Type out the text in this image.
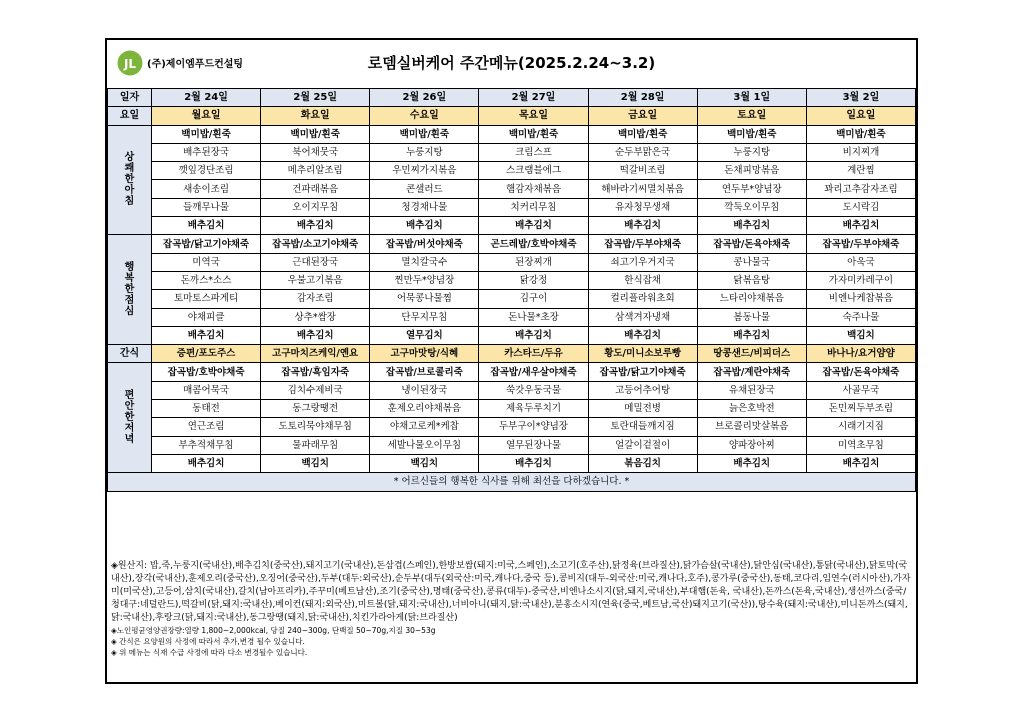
JL (주)제이엠푸드컨설팅	로뎀실버케어 주간메뉴(2025.2.24~3.2)
일자	2월 24일	2월 25일	2월 26일	2월 27일	2월 28일	3월 1일	3월 2일
요일	월요일	화요일	수요일	목요일	금요일	토요일	일요일

상
쾌
한
아
침	백미밥/흰죽	백미밥/흰죽	백미밥/흰죽	백미밥/흰죽	백미밥/흰죽	백미밥/흰죽	백미밥/흰죽
	배추된장국	북어채뭇국	누룽지탕	크림스프	순두부맑은국	누룽지탕	비지찌개
	깻잎경단조림	메추리알조림	우민찌가지볶음	스크램블에그	떡갈비조림	돈채피망볶음	계란찜
	새송이조림	건파래볶음	콘샐러드	햄감자채볶음	해바라기씨멸치볶음	연두부*양념장	꽈리고추감자조림
	들깨무나물	오이지무침	청경채나물	치커리무침	유자청무생채	깍둑오이무침	도시락김
	배추김치	배추김치	배추김치	배추김치	배추김치	배추김치	배추김치

행
복
한
점
심	잡곡밥/닭고기야채죽	잡곡밥/소고기야채죽	잡곡밥/버섯야채죽	곤드레밥/호박야채죽	잡곡밥/두부야채죽	잡곡밥/돈육야채죽	잡곡밥/두부야채죽
	미역국	근대된장국	멸치칼국수	된장찌개	쇠고기우거지국	콩나물국	아욱국
	돈까스*소스	우불고기볶음	찐만두*양념장	닭강정	한식잡채	닭볶음탕	가자미카레구이
	토마토스파게티	감자조림	어묵콩나물찜	김구이	컬리플라워초회	느타리야채볶음	비엔나케찹볶음
	야채피클	상추*쌈장	단무지무침	돈나물*초장	삼색겨자냉채	봄동나물	숙주나물
	배추김치	배추김치	열무김치	배추김치	배추김치	배추김치	백김치
간식	증편/포도주스	고구마치즈케익/옌요	고구마맛탕/식혜	카스타드/두유	황도/미니소보루빵	땅콩샌드/비피더스	바나나/요거얌얌

편
안
한
저
녁	잡곡밥/호박야채죽	잡곡밥/흑임자죽	잡곡밥/브로콜리죽	잡곡밥/새우살야채죽	잡곡밥/닭고기야채죽	잡곡밥/계란야채죽	잡곡밥/돈육야채죽
	매콤어묵국	김치수제비국	냉이된장국	쑥갓우동국물	고등어추어탕	유채된장국	사골무국
	동태전	동그랑땡전	훈제오리야채볶음	제육두루치기	메밀전병	늙은호박전	돈민찌두부조림
	연근조림	도토리묵야채무침	야채고로케*케찹	두부구이*양념장	토란대들깨지짐	브로콜리맛살볶음	시래기지짐
	부추적채무침	물파래무침	세발나물오이무침	열무된장나물	얼갈이겉절이	양파장아찌	미역초무침
	배추김치	백김치	백김치	배추김치	볶음김치	배추김치	배추김치
* 어르신들의 행복한 식사를 위해 최선을 다하겠습니다. *							

◈원산지: 밥,죽,누룽지(국내산),배추김치(중국산),돼지고기(국내산),돈삼겹(스페인),한방보쌈(돼지:미국,스페인),소고기(호주산),닭정육(브라질산),닭가슴살(국내산),닭안심(국내산),통닭(국내산),닭토막(국내산),장각(국내산),훈제오리(중국산),오징어(중국산),두부(대두:외국산),순두부(대두(외국산:미국,캐나다,중국 등),콩비지(대두-외국산:미국,캐나다,호주),콩가루(중국산),동태,코다리,임연수(러시아산),가자미(미국산),고등어,삼치(국내산),갈치(남아프리카),주꾸미(베트남산),조기(중국산),명태(중국산),콩류(대두)-중국산,비엔나소시지(닭,돼지,국내산),부대햄(돈육, 국내산),돈까스(돈육,국내산),생선까스(중국/청대구:네덜란드),떡갈비(닭,돼지:국내산),베이컨(돼지:외국산),미트볼(닭,돼지:국내산),너비아니(돼지,닭:국내산),분홍소시지(연육(중국,베트남,국산)돼지고기(국산)),탕수육(돼지:국내산),미니돈까스(돼지,닭:국내산),후랑크(닭,돼지:국내산),동그랑땡(돼지,닭:국내산),치킨가라아게(닭:브라질산)

◈노인평균영양권장량:열량 1,800~2,000kcal, 당질 240~300g, 단백질 50~70g,지질 30~53g

◈ 간식은 요양원의 사정에 따라서 추가,변경 될수 있습니다.

◈ 위 메뉴는 식재 수급 사정에 따라 다소 변경될수 있습니다.
